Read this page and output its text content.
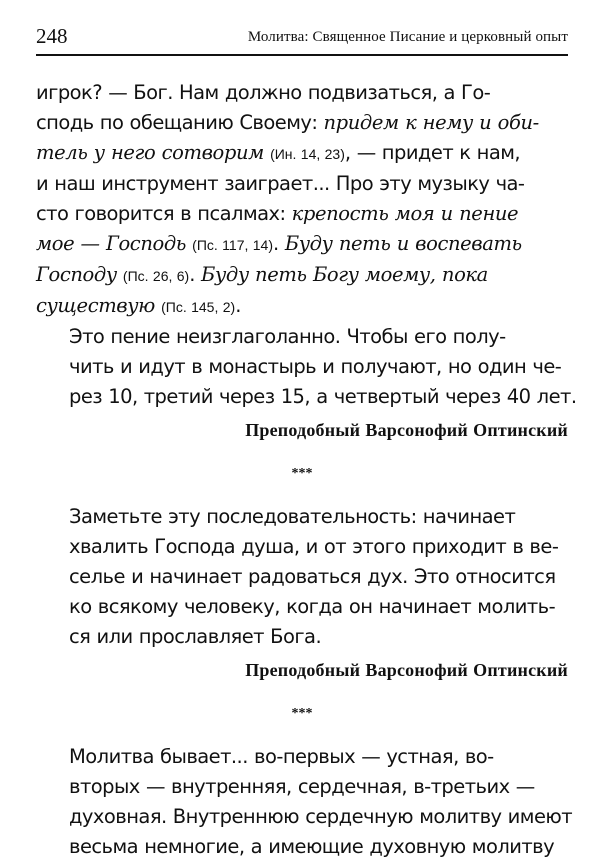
248	Молитва: Священное Писание и церковный опыт

игрок? — Бог. Нам должно подвизаться, а Го-
сподь по обещанию Своему: придем к нему и оби-
тель у него сотворим (Ин. 14, 23), — придет к нам,
и наш инструмент заиграет... Про эту музыку ча-
сто говорится в псалмах: крепость моя и пение
мое — Господь (Пс. 117, 14). Буду петь и воспевать
Господу (Пс. 26, 6). Буду петь Богу моему, пока
существую (Пс. 145, 2).

Это пение неизглаголанно. Чтобы его полу-
чить и идут в монастырь и получают, но один че-
рез 10, третий через 15, а четвертый через 40 лет.

Преподобный Варсонофий Оптинский

***

Заметьте эту последовательность: начинает
хвалить Господа душа, и от этого приходит в ве-
селье и начинает радоваться дух. Это относится
ко всякому человеку, когда он начинает молить-
ся или прославляет Бога.

Преподобный Варсонофий Оптинский

***

Молитва бывает... во-первых — устная, во-
вторых — внутренняя, сердечная, в-третьих —
духовная. Внутреннюю сердечную молитву имеют
весьма немногие, а имеющие духовную молитву
